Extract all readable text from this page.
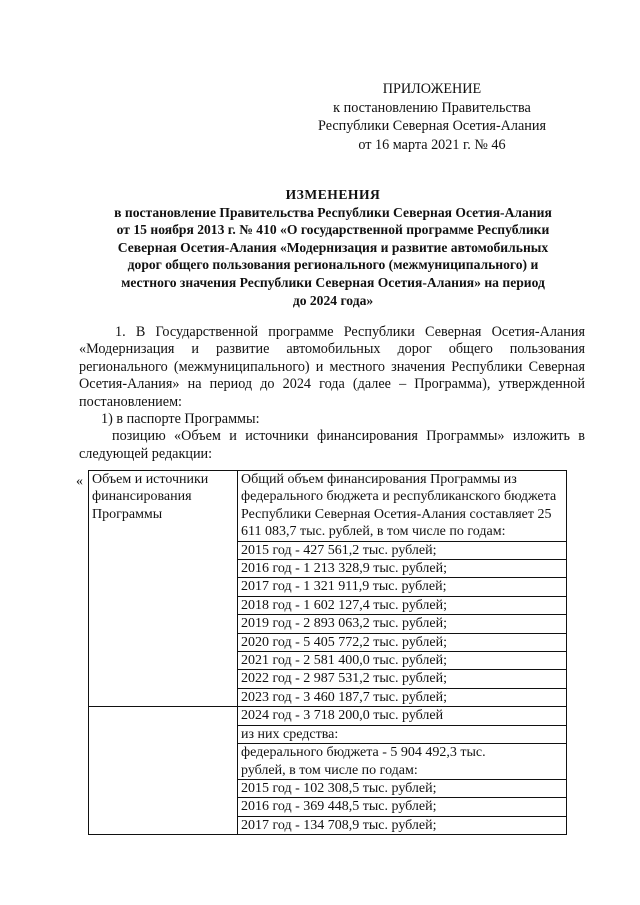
ПРИЛОЖЕНИЕ
к постановлению Правительства
Республики Северная Осетия-Алания
от 16 марта 2021 г. № 46
ИЗМЕНЕНИЯ
в постановление Правительства Республики Северная Осетия-Алания
от 15 ноября 2013 г. № 410 «О государственной программе Республики
Северная Осетия-Алания «Модернизация и развитие автомобильных
дорог общего пользования регионального (межмуниципального) и
местного значения Республики Северная Осетия-Алания» на период
до 2024 года»

1. В Государственной программе Республики Северная Осетия-Алания «Модернизация и развитие автомобильных дорог общего пользования регионального (межмуниципального) и местного значения Республики Северная Осетия-Алания» на период до 2024 года (далее – Программа), утвержденной постановлением:

1) в паспорте Программы:

позицию «Объем и источники финансирования Программы» изложить в следующей редакции:

« Объем и источники финансирования Программы	Общий объем финансирования Программы из федерального бюджета и республиканского бюджета Республики Северная Осетия-Алания составляет 25 611 083,7 тыс. рублей, в том числе по годам:

	2015 год - 427 561,2 тыс. рублей;
	2016 год - 1 213 328,9 тыс. рублей;
	2017 год - 1 321 911,9 тыс. рублей;
	2018 год - 1 602 127,4 тыс. рублей;
	2019 год - 2 893 063,2 тыс. рублей;
	2020 год - 5 405 772,2 тыс. рублей;
	2021 год - 2 581 400,0 тыс. рублей;
	2022 год - 2 987 531,2 тыс. рублей;
	2023 год - 3 460 187,7 тыс. рублей;
	2024 год - 3 718 200,0 тыс. рублей
	из них средства:

	федерального бюджета - 5 904 492,3 тыс.
рублей, в том числе по годам:

	2015 год - 102 308,5 тыс. рублей;
	2016 год - 369 448,5 тыс. рублей;
	2017 год - 134 708,9 тыс. рублей;
